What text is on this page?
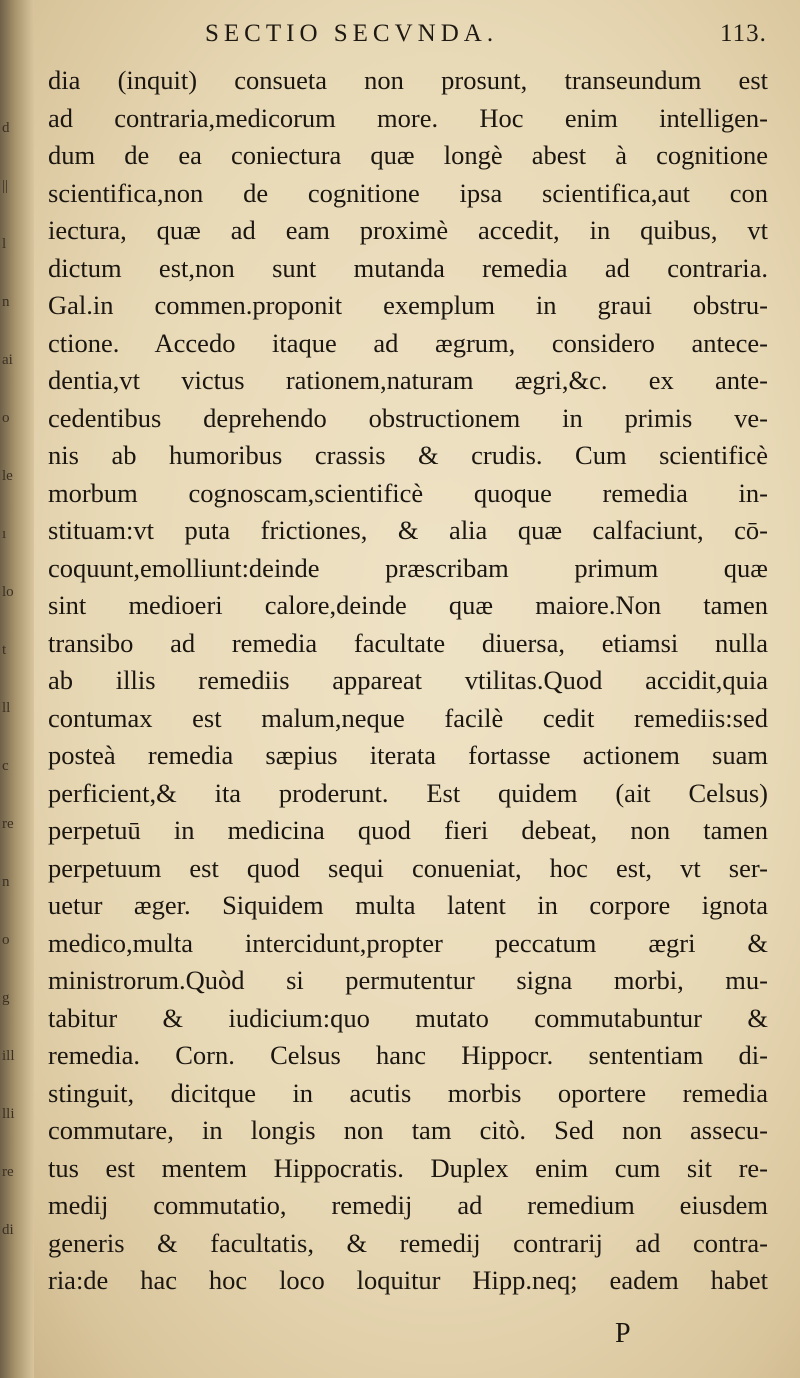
d
||
l
n
ai
o
le
ı
lo
t
ll
c
re
n
o
g
ill
lli
re
di
SECTIO SECVNDA.	113.
dia (inquit) consueta non prosunt, transeundum est
ad contraria,medicorum more. Hoc enim intelligen-
dum de ea coniectura quæ longè abest à cognitione
scientifica,non de cognitione ipsa scientifica,aut con
iectura, quæ ad eam proximè accedit, in quibus, vt
dictum est,non sunt mutanda remedia ad contraria.
Gal.in commen.proponit exemplum in graui obstru-
ctione. Accedo itaque ad ægrum, considero antece-
dentia,vt victus rationem,naturam ægri,&c. ex ante-
cedentibus deprehendo obstructionem in primis ve-
nis ab humoribus crassis & crudis. Cum scientificè
morbum cognoscam,scientificè quoque remedia in-
stituam:vt puta frictiones, & alia quæ calfaciunt, cō-
coquunt,emolliunt:deinde præscribam primum quæ
sint medioeri calore,deinde quæ maiore.Non tamen
transibo ad remedia facultate diuersa, etiamsi nulla
ab illis remediis appareat vtilitas.Quod accidit,quia
contumax est malum,neque facilè cedit remediis:sed
posteà remedia sæpius iterata fortasse actionem suam
perficient,& ita proderunt. Est quidem (ait Celsus)
perpetuū in medicina quod fieri debeat, non tamen
perpetuum est quod sequi conueniat, hoc est, vt ser-
uetur æger. Siquidem multa latent in corpore ignota
medico,multa intercidunt,propter peccatum ægri &
ministrorum.Quòd si permutentur signa morbi, mu-
tabitur & iudicium:quo mutato commutabuntur &
remedia. Corn. Celsus hanc Hippocr. sententiam di-
stinguit, dicitque in acutis morbis oportere remedia
commutare, in longis non tam citò. Sed non assecu-
tus est mentem Hippocratis. Duplex enim cum sit re-
medij commutatio, remedij ad remedium eiusdem
generis & facultatis, & remedij contrarij ad contra-
ria:de hac hoc loco loquitur Hipp.neq; eadem habet
P
